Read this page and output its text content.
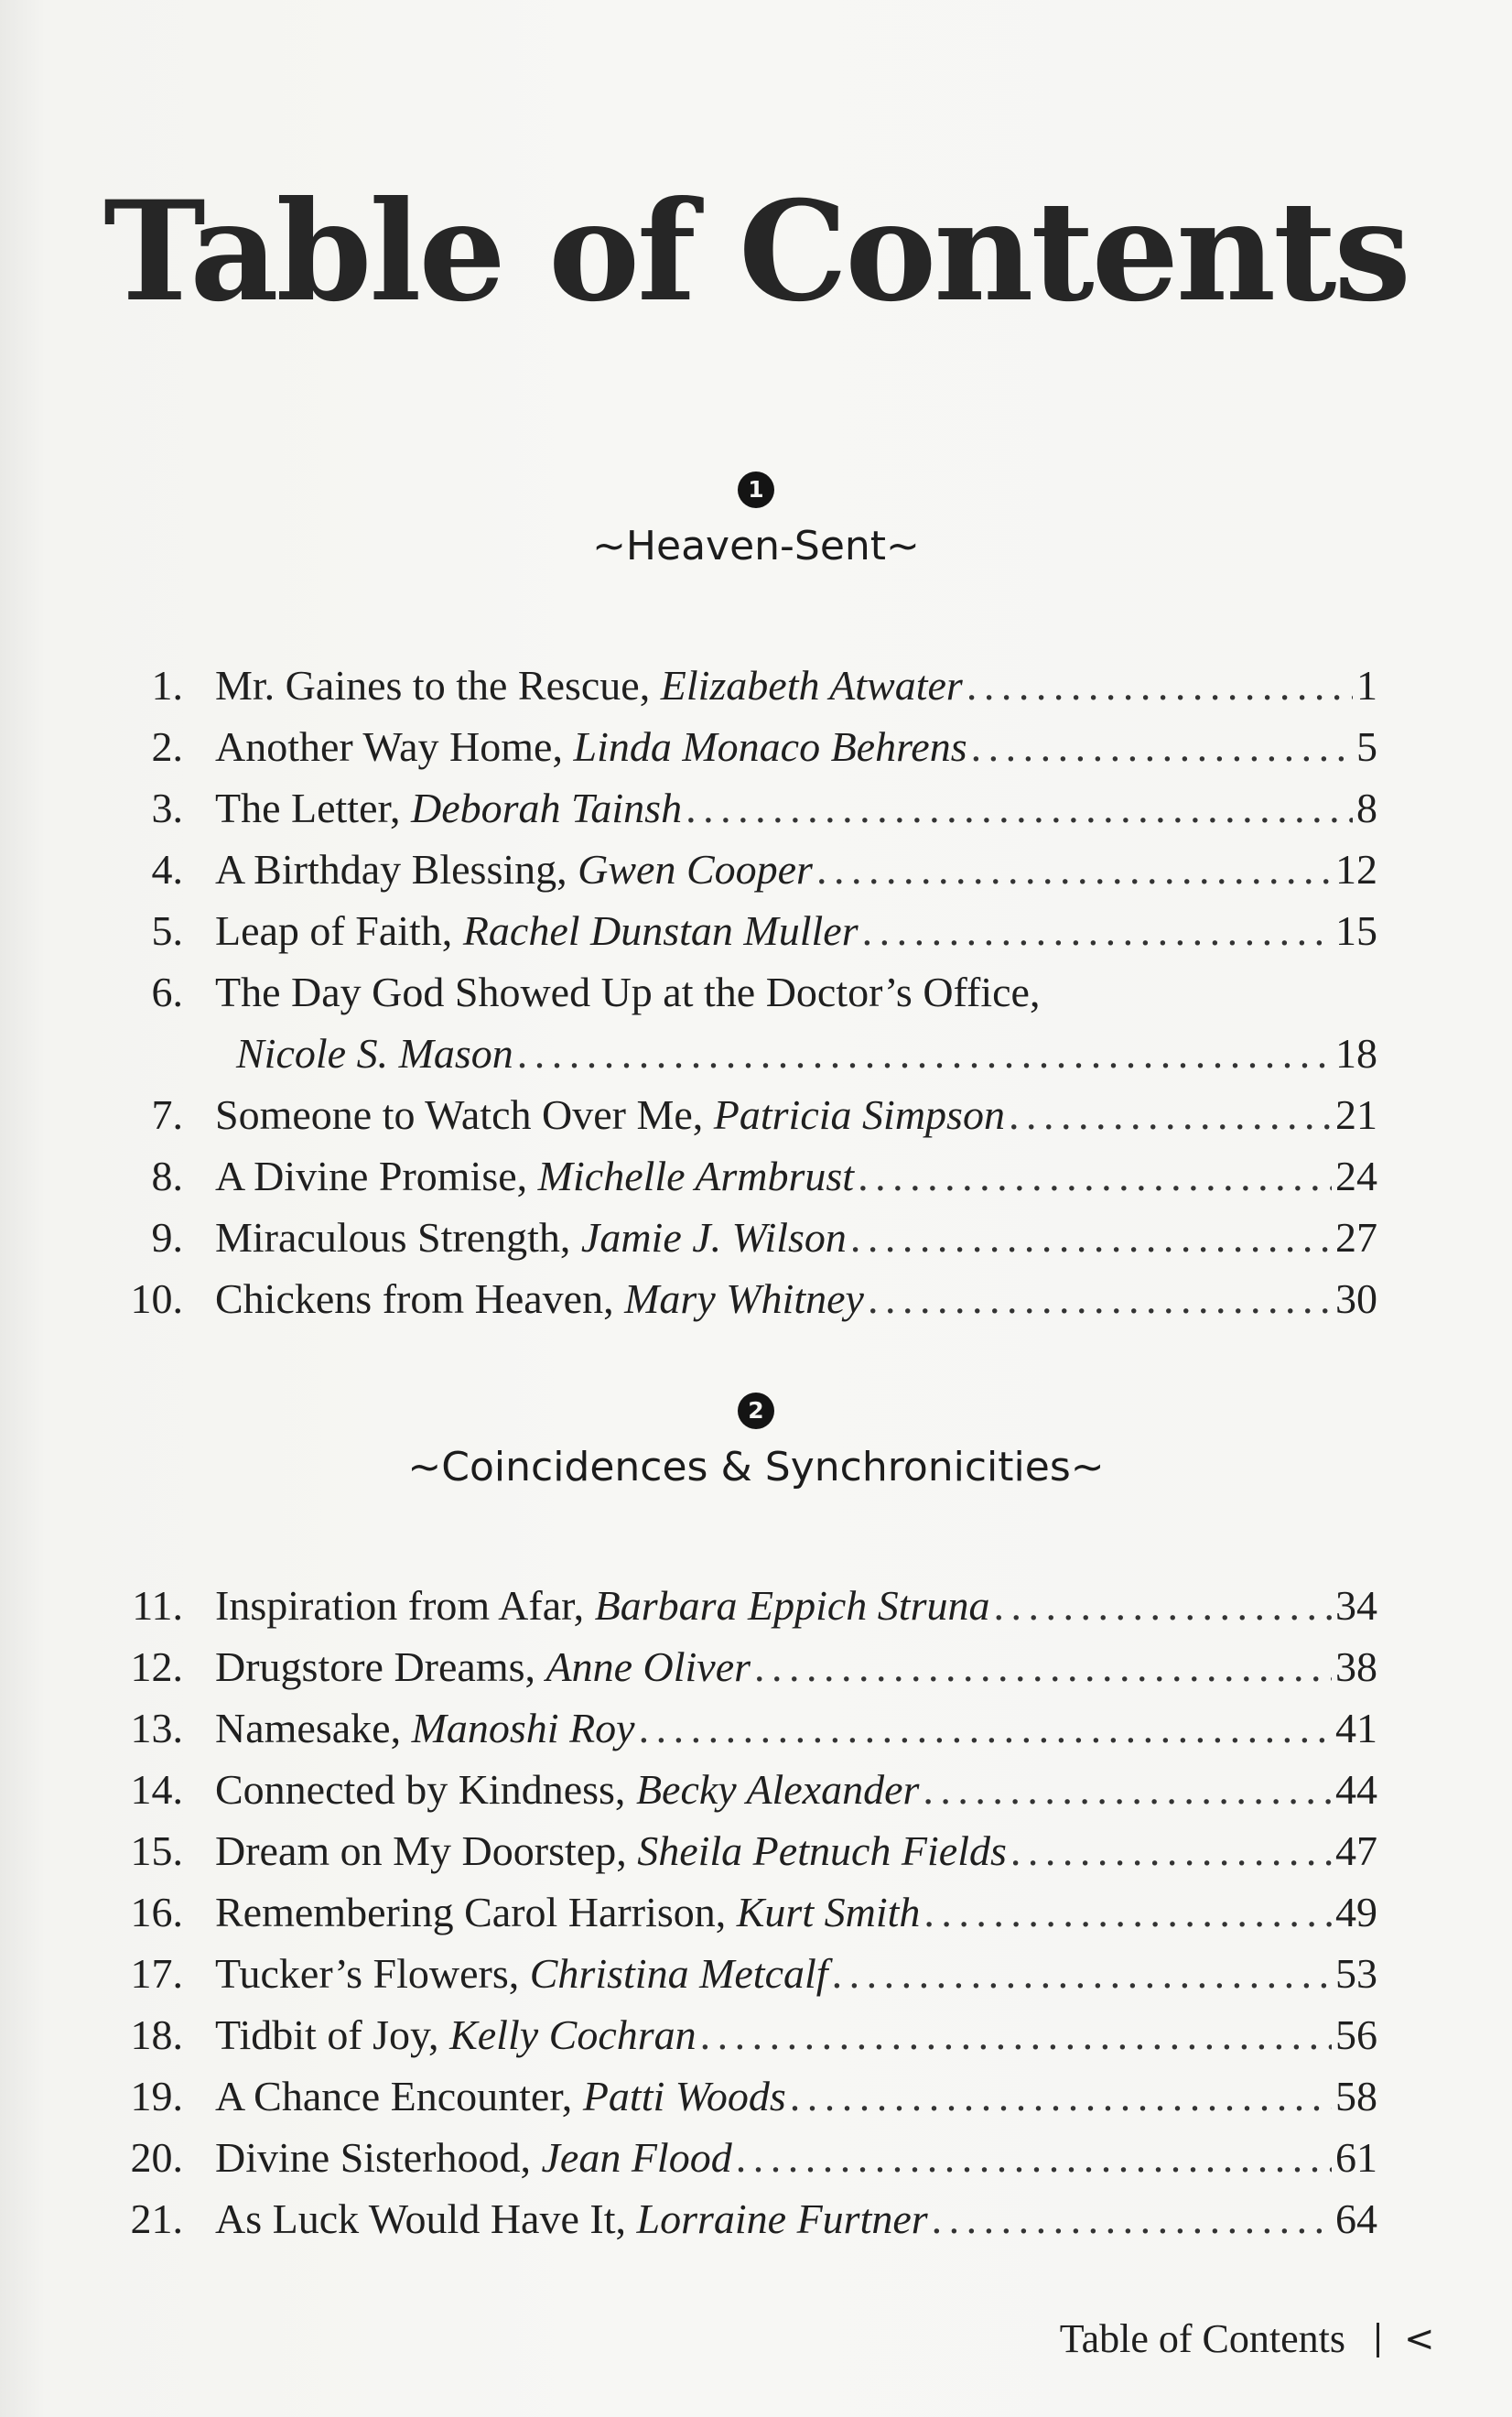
Table of Contents
1
~Heaven-Sent~
1. Mr. Gaines to the Rescue,
Elizabeth Atwater . . .	1
2. Another Way Home,
Linda Monaco Behrens . . .	5
3. The Letter,
Deborah Tainsh . . .	8
4. A Birthday Blessing,
Gwen Cooper . . .	12
5. Leap of Faith,
Rachel Dunstan Muller . . .	15
6. The Day God Showed Up at the Doctor’s Office,
Nicole S. Mason . . .	18
7. Someone to Watch Over Me,
Patricia Simpson . . .	21
8. A Divine Promise,
Michelle Armbrust . . .	24
9. Miraculous Strength,
Jamie J. Wilson . . .	27
10. Chickens from Heaven,
Mary Whitney . . .	30
2
~Coincidences & Synchronicities~
11. Inspiration from Afar,
Barbara Eppich Struna . . .	34
12. Drugstore Dreams,
Anne Oliver . . .	38
13. Namesake,
Manoshi Roy . . .	41
14. Connected by Kindness,
Becky Alexander . . .	44
15. Dream on My Doorstep,
Sheila Petnuch Fields . . .	47
16. Remembering Carol Harrison,
Kurt Smith . . .	49
17. Tucker’s Flowers,
Christina Metcalf . . .	53
18. Tidbit of Joy,
Kelly Cochran . . .	56
19. A Chance Encounter,
Patti Woods . . .	58
20. Divine Sisterhood,
Jean Flood . . .	61
21. As Luck Would Have It,
Lorraine Furtner . . .	64
Table of Contents <
